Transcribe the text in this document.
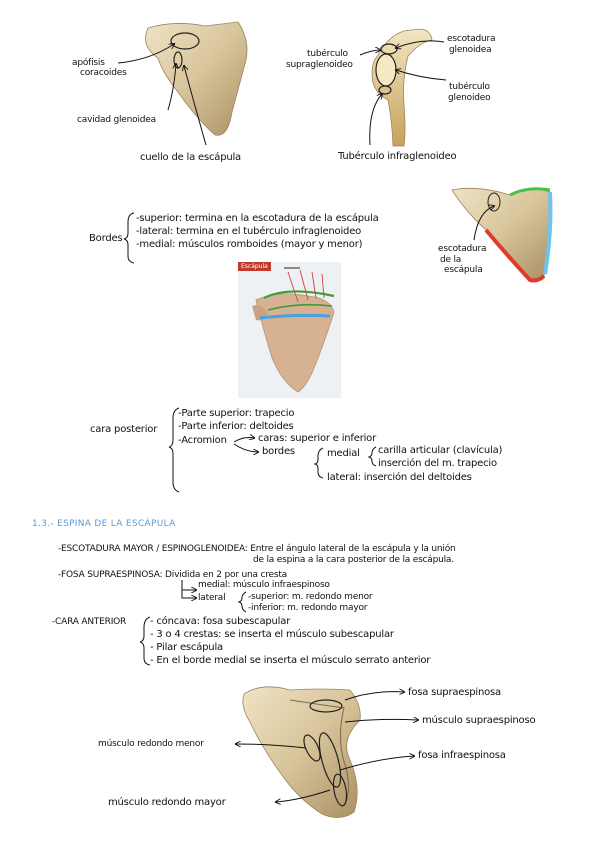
Escápula
apófisis
coracoides
cavidad glenoidea
cuello de la escápula
tubérculo
supraglenoideo
escotadura
glenoidea
tubérculo
glenoideo
Tubérculo infraglenoideo
Bordes
-superior: termina en la escotadura de la escápula
-lateral: termina en el tubérculo infraglenoideo
-medial: músculos romboides (mayor y menor)	escotadura
de la
escápula
cara posterior
-Parte superior: trapecio
-Parte inferior: deltoides
-Acromion	caras: superior e inferior
bordes	medial carilla articular (clavícula)
inserción del m. trapecio
lateral: inserción del deltoides
1.3.- ESPINA DE LA ESCÁPULA
-ESCOTADURA MAYOR / ESPINOGLENOIDEA: Entre el ángulo lateral de la escápula y la unión
de la espina a la cara posterior de la escápula.
-FOSA SUPRAESPINOSA: Dividida en 2 por una cresta
medial: músculo infraespinoso
lateral	-superior: m. redondo menor
-inferior: m. redondo mayor
-CARA ANTERIOR - cóncava: fosa subescapular
- 3 o 4 crestas: se inserta el músculo subescapular
- Pilar escápula
- En el borde medial se inserta el músculo serrato anterior
fosa supraespinosa
músculo supraespinoso
fosa infraespinosa
músculo redondo menor
músculo redondo mayor
